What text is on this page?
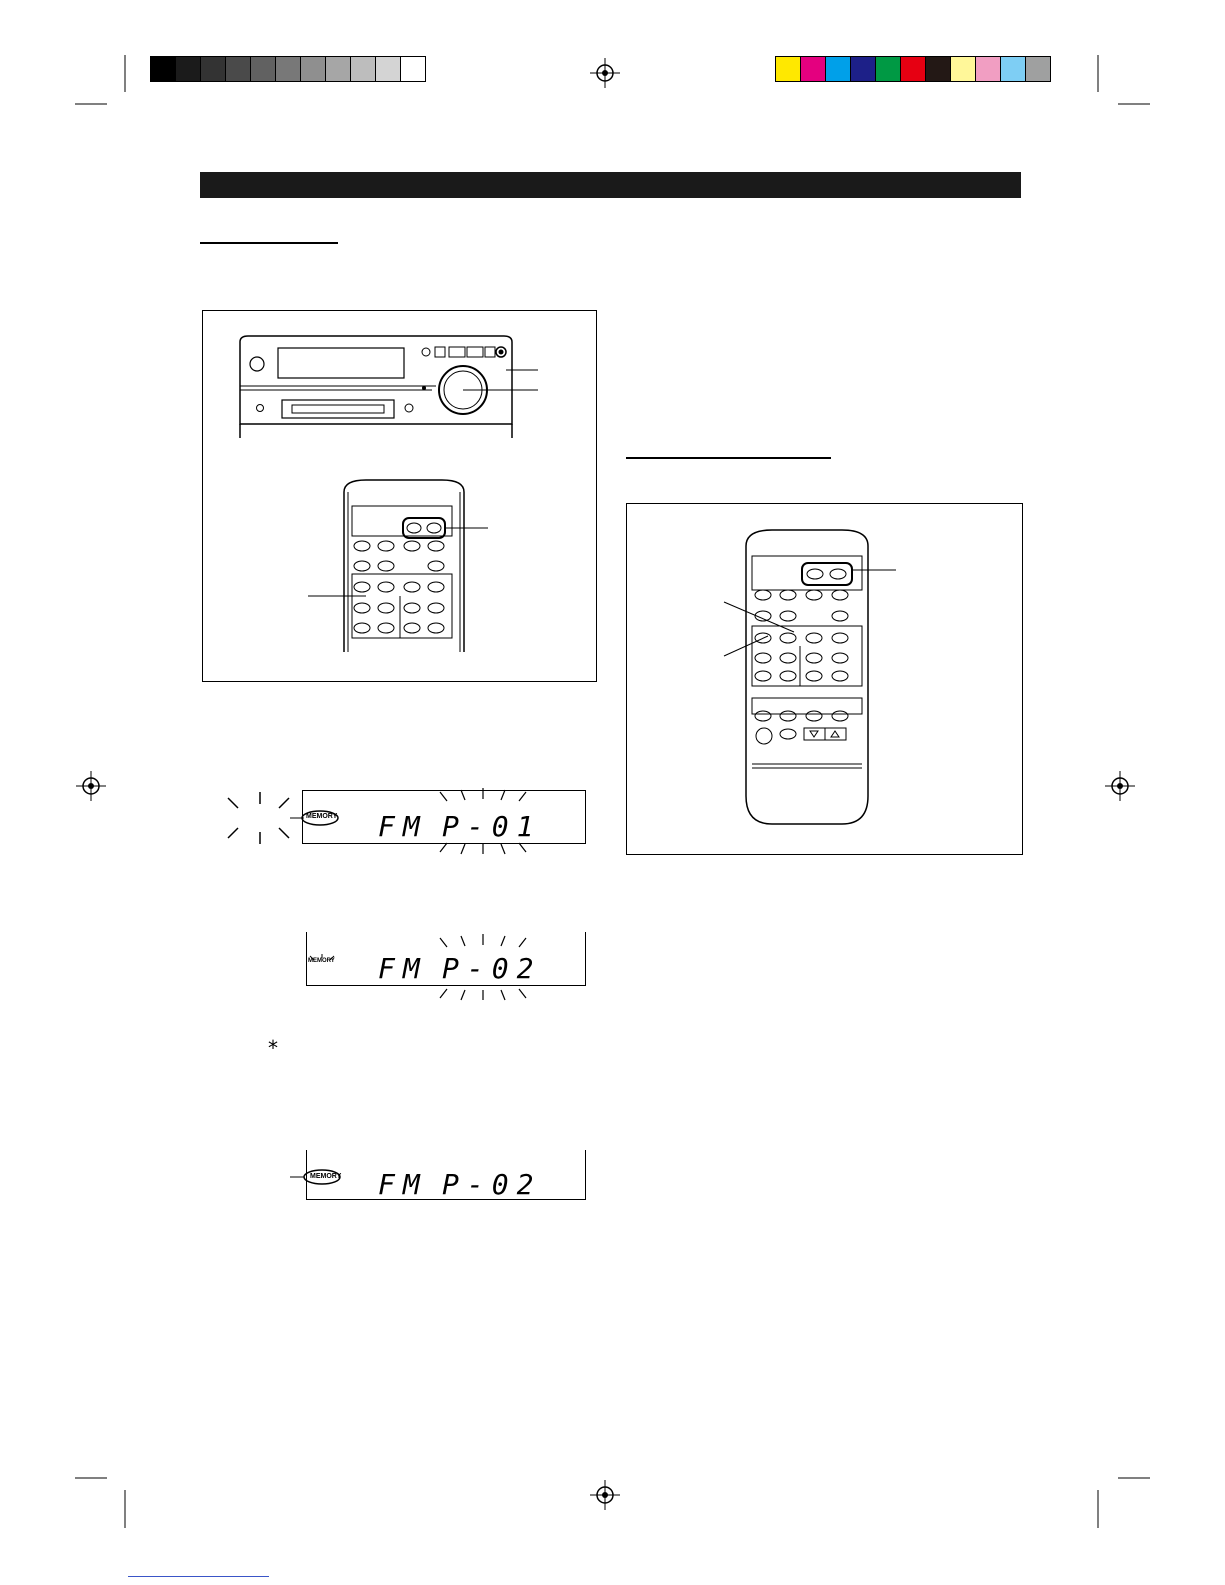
MEMORY FM P-01
MEMORY FM P-02
*
MEMORY FM P-02
